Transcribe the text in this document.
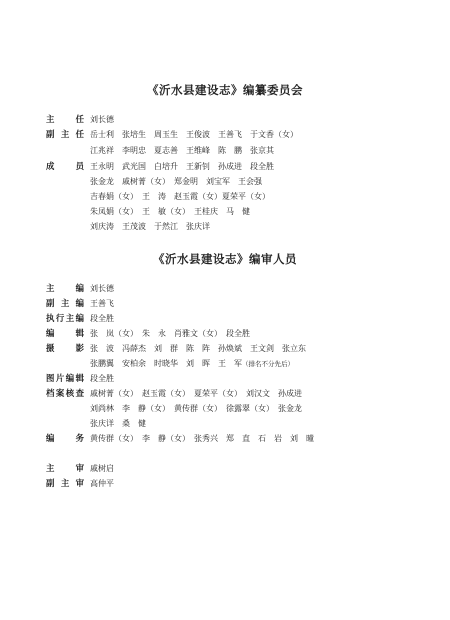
《沂水县建设志》编纂委员会
主	任 刘长德
副 主 任 岳士利　张培生　周玉生　王俊波　王善飞　于文香（女）
江兆祥　李明忠　夏志善　王维峰　陈　鹏　张京其
成	员 王永明　武光国　白培升　王新钊　孙成进　段全胜
张金龙　戚树菁（女）　郑金明　刘宝军　王会强
吉春娟（女）　王　涛　赵玉霞（女）夏荣平（女）
朱凤娟（女）　王　敏（女）　王桂庆　马　健
刘庆涛　王茂波　于然江　张庆详
《沂水县建设志》编审人员
主	编 刘长德
副 主 编 王善飞
执 行 主 编 段全胜
编	辑 张　岚（女）　朱　永　肖雅文（女）　段全胜
摄	影 张　波　冯薛杰　刘　群　陈　阵　孙焕斌　王文剑　张立东
张鹏翼　安柏余　时晓华　刘　晖　王　军（排名不分先后）
图 片 编 辑 段全胜
档 案 核 查 戚树菁（女）　赵玉霞（女）　夏荣平（女）　刘汉文　孙成进
刘尚林　李　静（女）　黄传群（女）　徐露翠（女）　张金龙
张庆详　桑　健
编	务 黄传群（女）　李　静（女）　张秀兴　郑　直　石　岩　刘　曈
主	审 戚树启
副 主 审 高仲平
